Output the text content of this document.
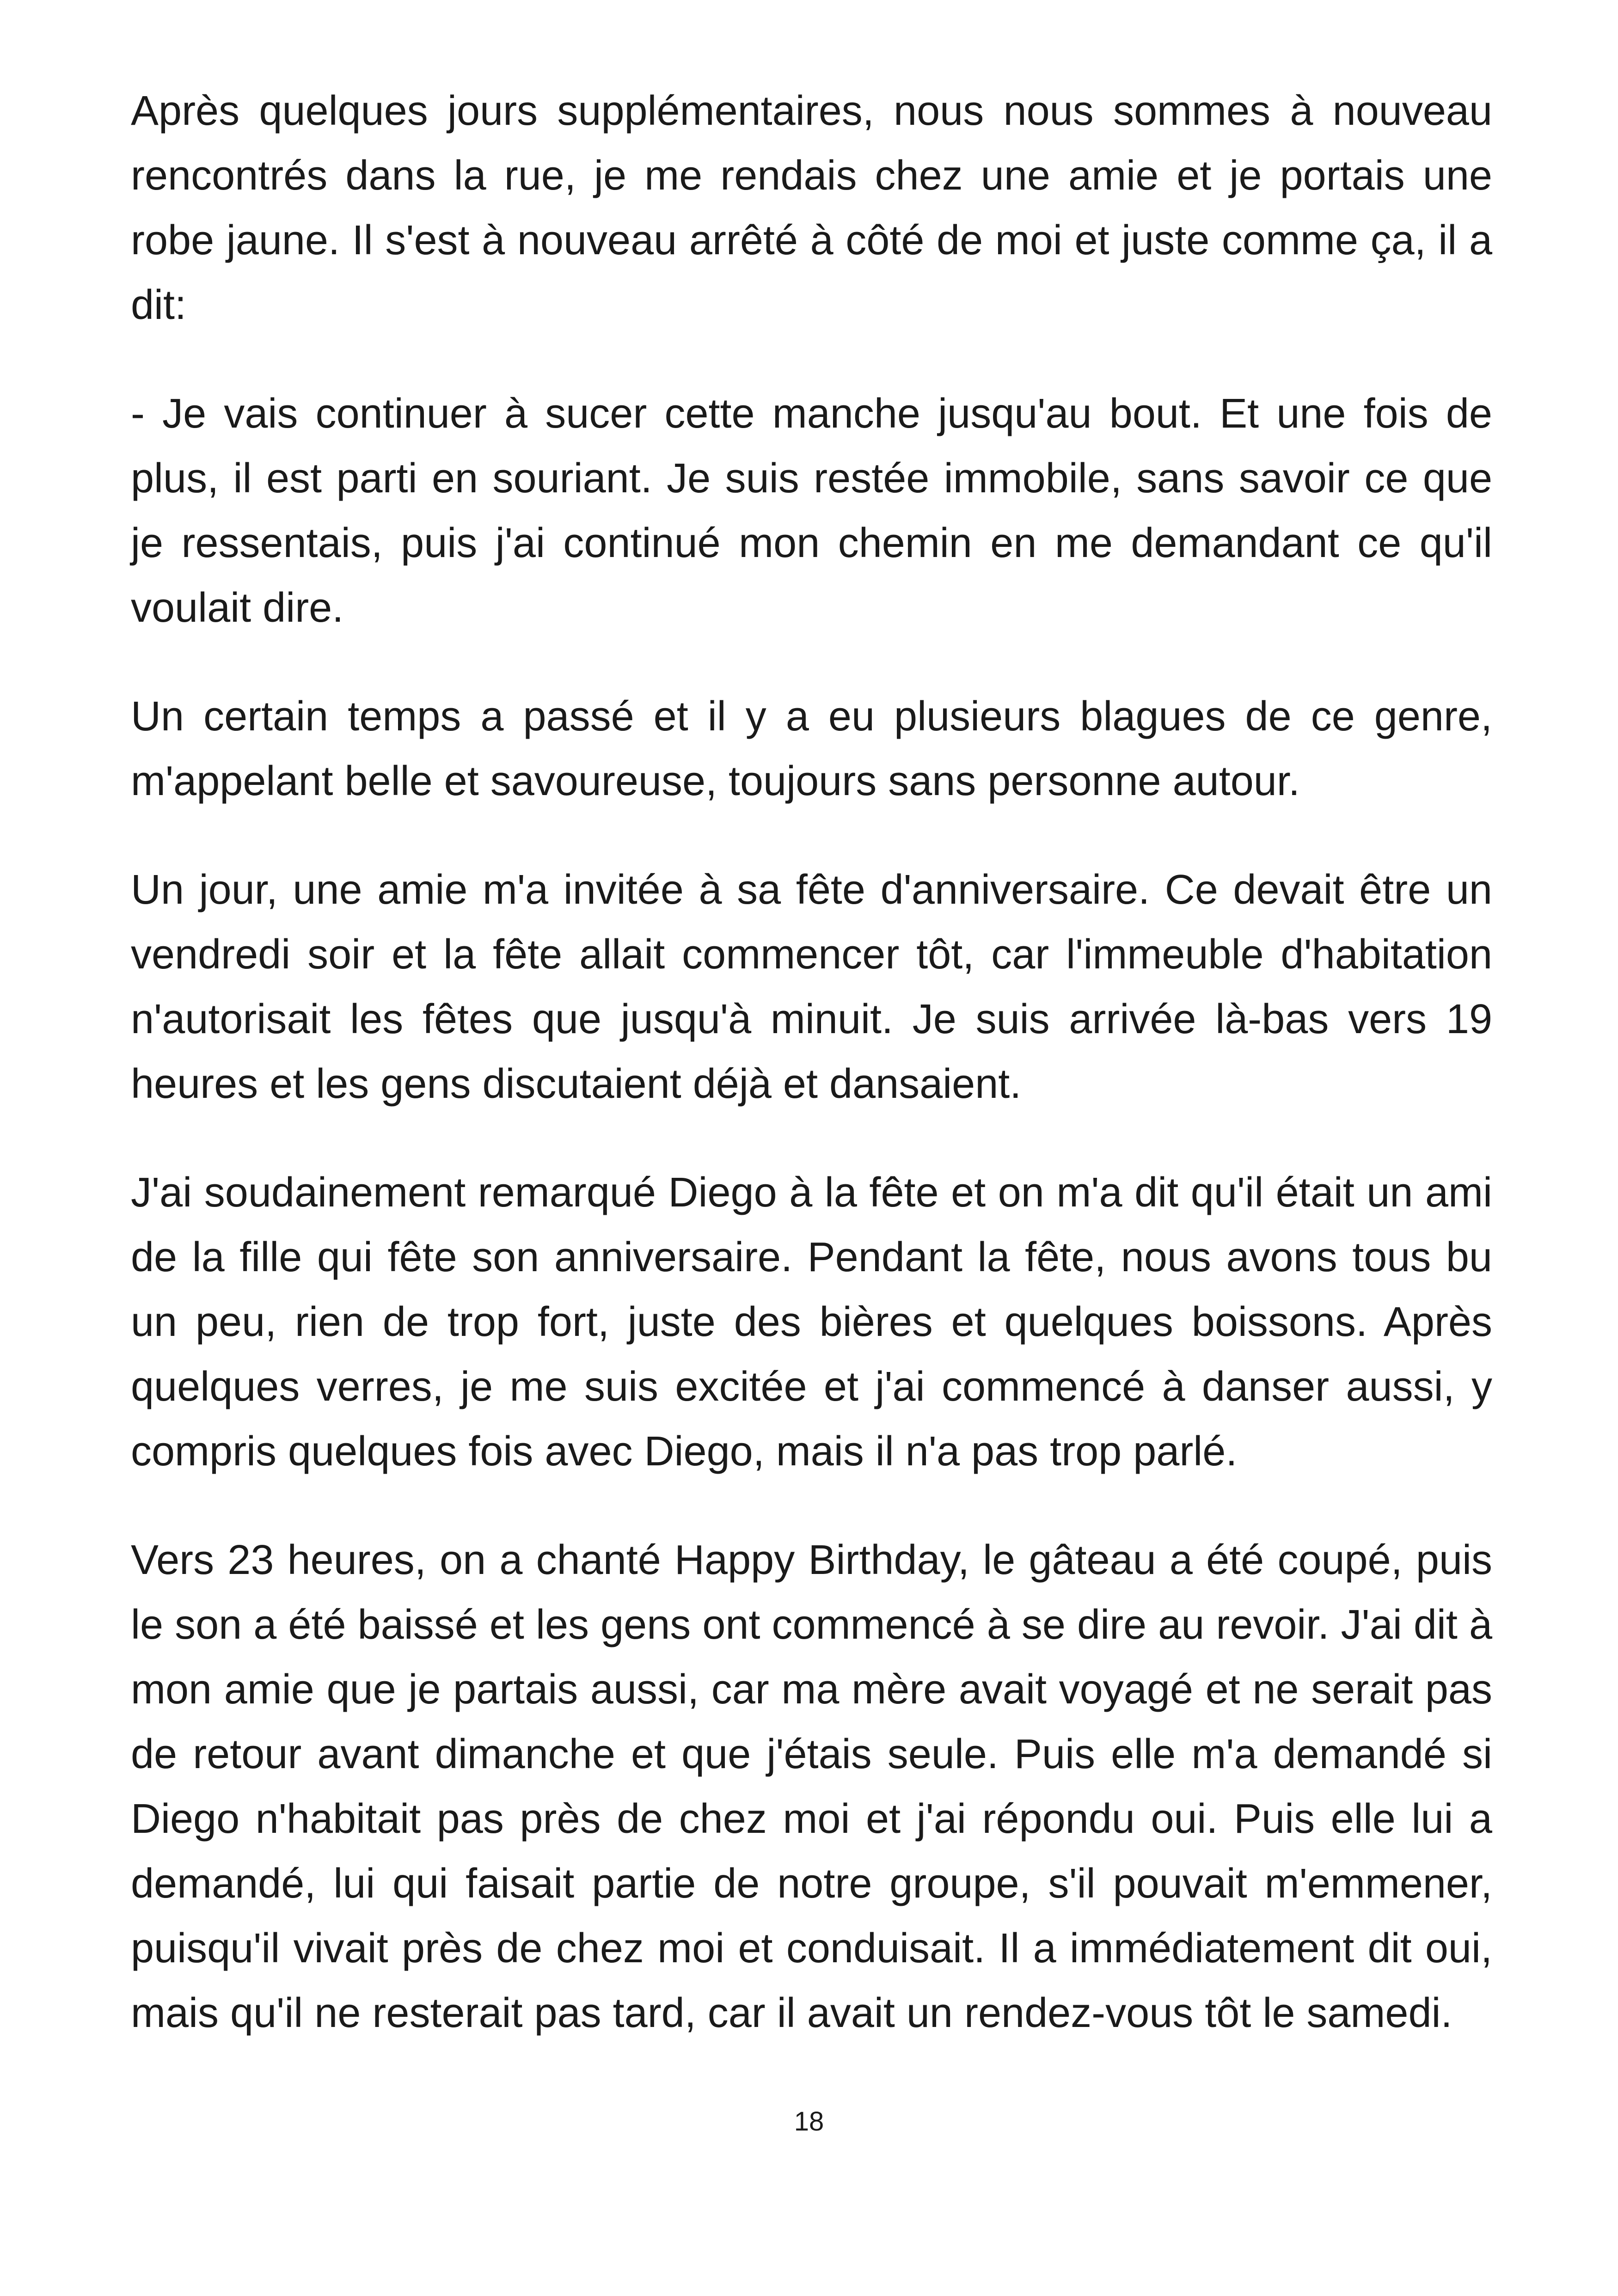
Après quelques jours supplémentaires, nous nous sommes à nouveau rencontrés dans la rue, je me rendais chez une amie et je portais une robe jaune. Il s'est à nouveau arrêté à côté de moi et juste comme ça, il a dit:

- Je vais continuer à sucer cette manche jusqu'au bout. Et une fois de plus, il est parti en souriant. Je suis restée immobile, sans savoir ce que je ressentais, puis j'ai continué mon chemin en me demandant ce qu'il voulait dire.

Un certain temps a passé et il y a eu plusieurs blagues de ce genre, m'appelant belle et savoureuse, toujours sans personne autour.

Un jour, une amie m'a invitée à sa fête d'anniversaire. Ce devait être un vendredi soir et la fête allait commencer tôt, car l'immeuble d'habitation n'autorisait les fêtes que jusqu'à minuit. Je suis arrivée là-bas vers 19 heures et les gens discutaient déjà et dansaient.

J'ai soudainement remarqué Diego à la fête et on m'a dit qu'il était un ami de la fille qui fête son anniversaire. Pendant la fête, nous avons tous bu un peu, rien de trop fort, juste des bières et quelques boissons. Après quelques verres, je me suis excitée et j'ai commencé à danser aussi, y compris quelques fois avec Diego, mais il n'a pas trop parlé.

Vers 23 heures, on a chanté Happy Birthday, le gâteau a été coupé, puis le son a été baissé et les gens ont commencé à se dire au revoir. J'ai dit à mon amie que je partais aussi, car ma mère avait voyagé et ne serait pas de retour avant dimanche et que j'étais seule. Puis elle m'a demandé si Diego n'habitait pas près de chez moi et j'ai répondu oui. Puis elle lui a demandé, lui qui faisait partie de notre groupe, s'il pouvait m'emmener, puisqu'il vivait près de chez moi et conduisait. Il a immédiatement dit oui, mais qu'il ne resterait pas tard, car il avait un rendez-vous tôt le samedi.

18
